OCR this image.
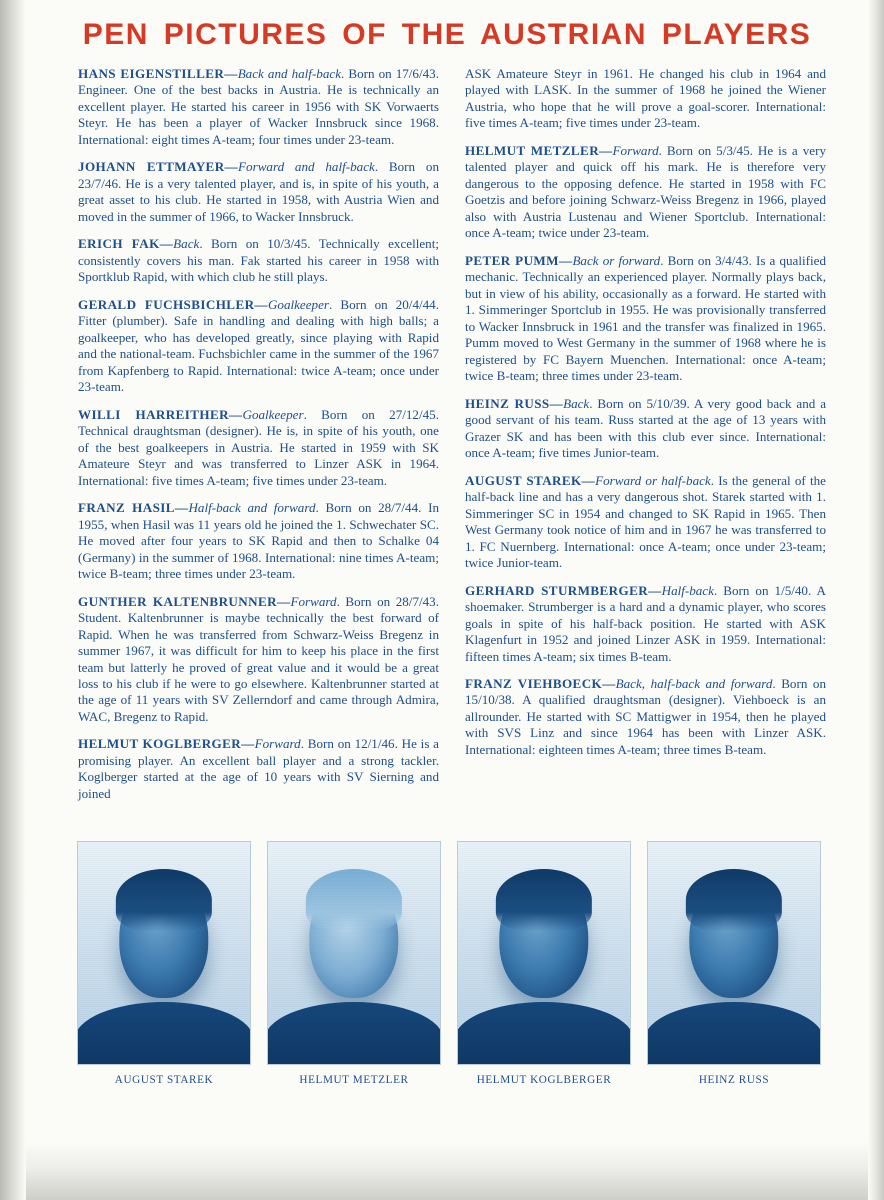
PEN PICTURES OF THE AUSTRIAN PLAYERS
HANS EIGENSTILLER—Back and half-back. Born on 17/6/43. Engineer. One of the best backs in Austria. He is technically an excellent player. He started his career in 1956 with SK Vorwaerts Steyr. He has been a player of Wacker Innsbruck since 1968. International: eight times A-team; four times under 23-team.
JOHANN ETTMAYER—Forward and half-back. Born on 23/7/46. He is a very talented player, and is, in spite of his youth, a great asset to his club. He started in 1958, with Austria Wien and moved in the summer of 1966, to Wacker Innsbruck.
ERICH FAK—Back. Born on 10/3/45. Technically excellent; consistently covers his man. Fak started his career in 1958 with Sportklub Rapid, with which club he still plays.
GERALD FUCHSBICHLER—Goalkeeper. Born on 20/4/44. Fitter (plumber). Safe in handling and dealing with high balls; a goalkeeper, who has developed greatly, since playing with Rapid and the national-team. Fuchsbichler came in the summer of the 1967 from Kapfenberg to Rapid. International: twice A-team; once under 23-team.
WILLI HARREITHER—Goalkeeper. Born on 27/12/45. Technical draughtsman (designer). He is, in spite of his youth, one of the best goalkeepers in Austria. He started in 1959 with SK Amateure Steyr and was transferred to Linzer ASK in 1964. International: five times A-team; five times under 23-team.
FRANZ HASIL—Half-back and forward. Born on 28/7/44. In 1955, when Hasil was 11 years old he joined the 1. Schwechater SC. He moved after four years to SK Rapid and then to Schalke 04 (Germany) in the summer of 1968. International: nine times A-team; twice B-team; three times under 23-team.
GUNTHER KALTENBRUNNER—Forward. Born on 28/7/43. Student. Kaltenbrunner is maybe technically the best forward of Rapid. When he was transferred from Schwarz-Weiss Bregenz in summer 1967, it was difficult for him to keep his place in the first team but latterly he proved of great value and it would be a great loss to his club if he were to go elsewhere. Kaltenbrunner started at the age of 11 years with SV Zellerndorf and came through Admira, WAC, Bregenz to Rapid.
HELMUT KOGLBERGER—Forward. Born on 12/1/46. He is a promising player. An excellent ball player and a strong tackler. Koglberger started at the age of 10 years with SV Sierning and joined
ASK Amateure Steyr in 1961. He changed his club in 1964 and played with LASK. In the summer of 1968 he joined the Wiener Austria, who hope that he will prove a goal-scorer. International: five times A-team; five times under 23-team.
HELMUT METZLER—Forward. Born on 5/3/45. He is a very talented player and quick off his mark. He is therefore very dangerous to the opposing defence. He started in 1958 with FC Goetzis and before joining Schwarz-Weiss Bregenz in 1966, played also with Austria Lustenau and Wiener Sportclub. International: once A-team; twice under 23-team.
PETER PUMM—Back or forward. Born on 3/4/43. Is a qualified mechanic. Technically an experienced player. Normally plays back, but in view of his ability, occasionally as a forward. He started with 1. Simmeringer Sportclub in 1955. He was provisionally transferred to Wacker Innsbruck in 1961 and the transfer was finalized in 1965. Pumm moved to West Germany in the summer of 1968 where he is registered by FC Bayern Muenchen. International: once A-team; twice B-team; three times under 23-team.
HEINZ RUSS—Back. Born on 5/10/39. A very good back and a good servant of his team. Russ started at the age of 13 years with Grazer SK and has been with this club ever since. International: once A-team; five times Junior-team.
AUGUST STAREK—Forward or half-back. Is the general of the half-back line and has a very dangerous shot. Starek started with 1. Simmeringer SC in 1954 and changed to SK Rapid in 1965. Then West Germany took notice of him and in 1967 he was transferred to 1. FC Nuernberg. International: once A-team; once under 23-team; twice Junior-team.
GERHARD STURMBERGER—Half-back. Born on 1/5/40. A shoemaker. Strumberger is a hard and a dynamic player, who scores goals in spite of his half-back position. He started with ASK Klagenfurt in 1952 and joined Linzer ASK in 1959. International: fifteen times A-team; six times B-team.
FRANZ VIEHBOECK—Back, half-back and forward. Born on 15/10/38. A qualified draughtsman (designer). Viehboeck is an allrounder. He started with SC Mattigwer in 1954, then he played with SVS Linz and since 1964 has been with Linzer ASK. International: eighteen times A-team; three times B-team.
AUGUST STAREK	HELMUT METZLER	HELMUT KOGLBERGER	HEINZ RUSS
